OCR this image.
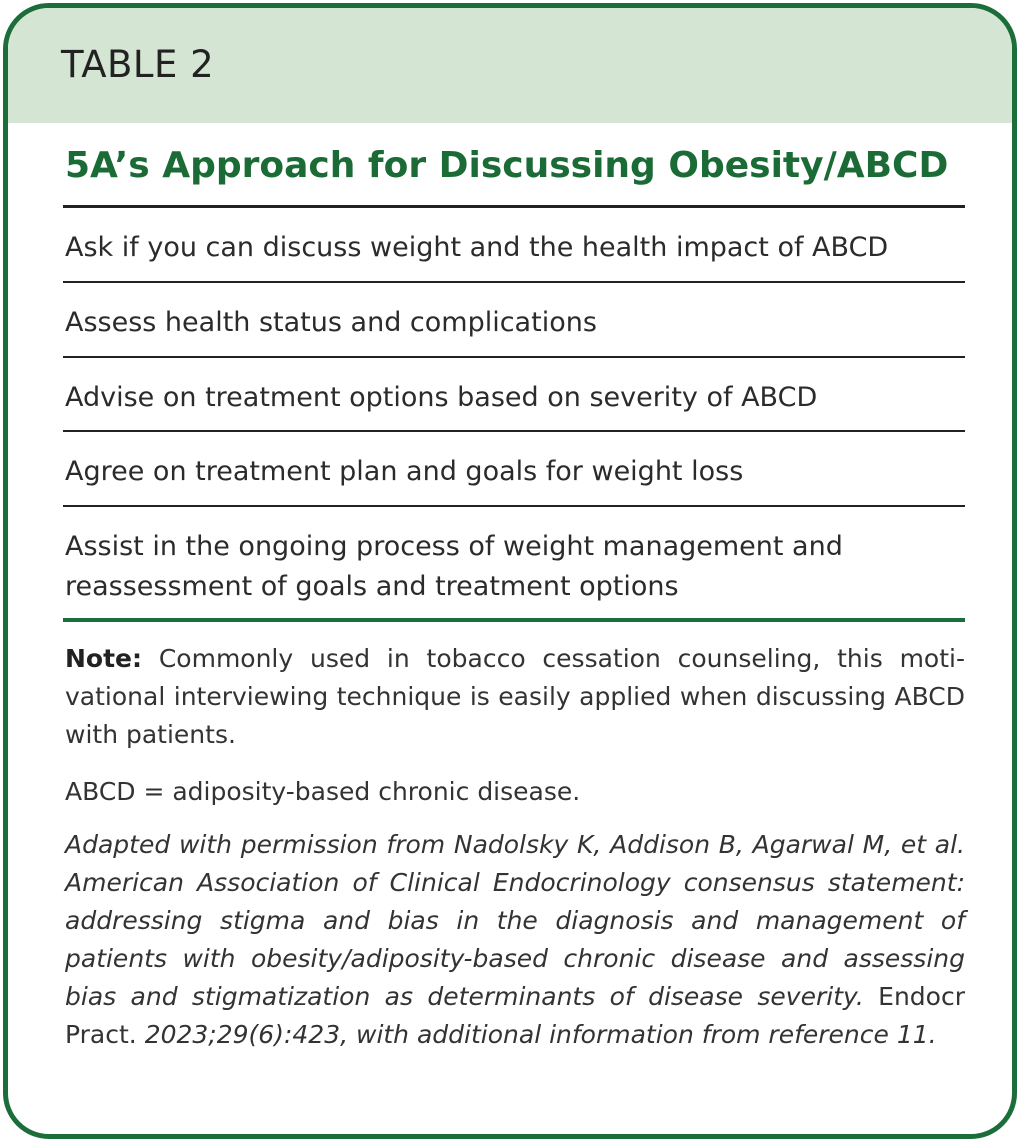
TABLE 2
5A’s Approach for Discussing Obesity/ABCD
Ask if you can discuss weight and the health impact of ABCD
Assess health status and complications
Advise on treatment options based on severity of ABCD
Agree on treatment plan and goals for weight loss
Assist in the ongoing process of weight management and reassessment of goals and treatment options
Note: Commonly used in tobacco cessation counseling, this motivational interviewing technique is easily applied when discussing ABCD with patients.
ABCD = adiposity-based chronic disease.
Adapted with permission from Nadolsky K, Addison B, Agarwal M, et al. American Association of Clinical Endocrinology consensus statement: addressing stigma and bias in the diagnosis and management of patients with obesity/adiposity-based chronic disease and assessing bias and stigmatization as determinants of disease severity. Endocr Pract. 2023;29(6):423, with additional information from reference 11.
